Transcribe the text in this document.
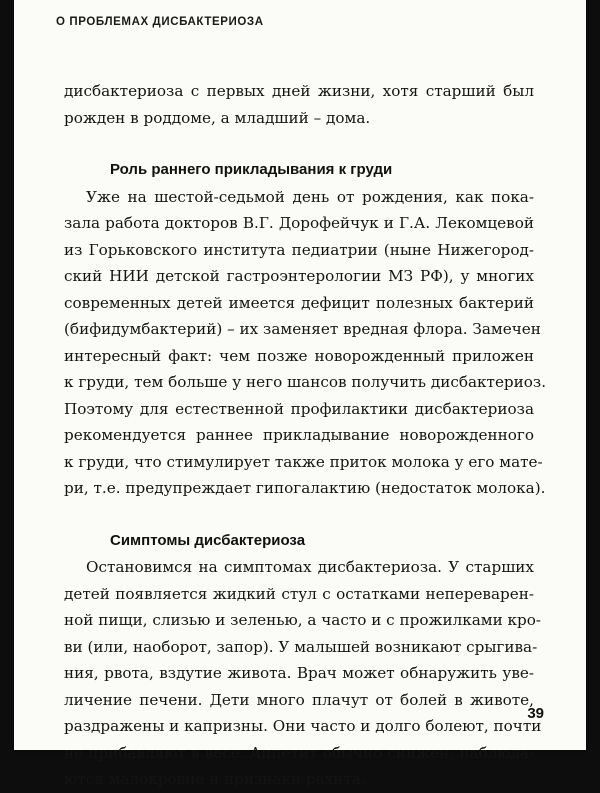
О ПРОБЛЕМАХ ДИСБАКТЕРИОЗА
дисбактериоза с первых дней жизни, хотя старший был
рожден в роддоме, а младший – дома.
Роль раннего прикладывания к груди
Уже на шестой-седьмой день от рождения, как пока-
зала работа докторов В.Г. Дорофейчук и Г.А. Лекомцевой
из Горьковского института педиатрии (ныне Нижегород-
ский НИИ детской гастроэнтерологии МЗ РФ), у многих
современных детей имеется дефицит полезных бактерий
(бифидумбактерий) – их заменяет вредная флора. Замечен
интересный факт: чем позже новорожденный приложен
к груди, тем больше у него шансов получить дисбактериоз.
Поэтому для естественной профилактики дисбактериоза
рекомендуется раннее прикладывание новорожденного
к груди, что стимулирует также приток молока у его мате-
ри, т.е. предупреждает гипогалактию (недостаток молока).
Симптомы дисбактериоза
Остановимся на симптомах дисбактериоза. У старших
детей появляется жидкий стул с остатками непереварен-
ной пищи, слизью и зеленью, а часто и с прожилками кро-
ви (или, наоборот, запор). У малышей возникают срыгива-
ния, рвота, вздутие живота. Врач может обнаружить уве-
личение печени. Дети много плачут от болей в животе,
раздражены и капризны. Они часто и долго болеют, почти
не прибавляют в весе. Аппетит обычно снижен, наблюда-
ются малокровие и признаки рахита.
39
